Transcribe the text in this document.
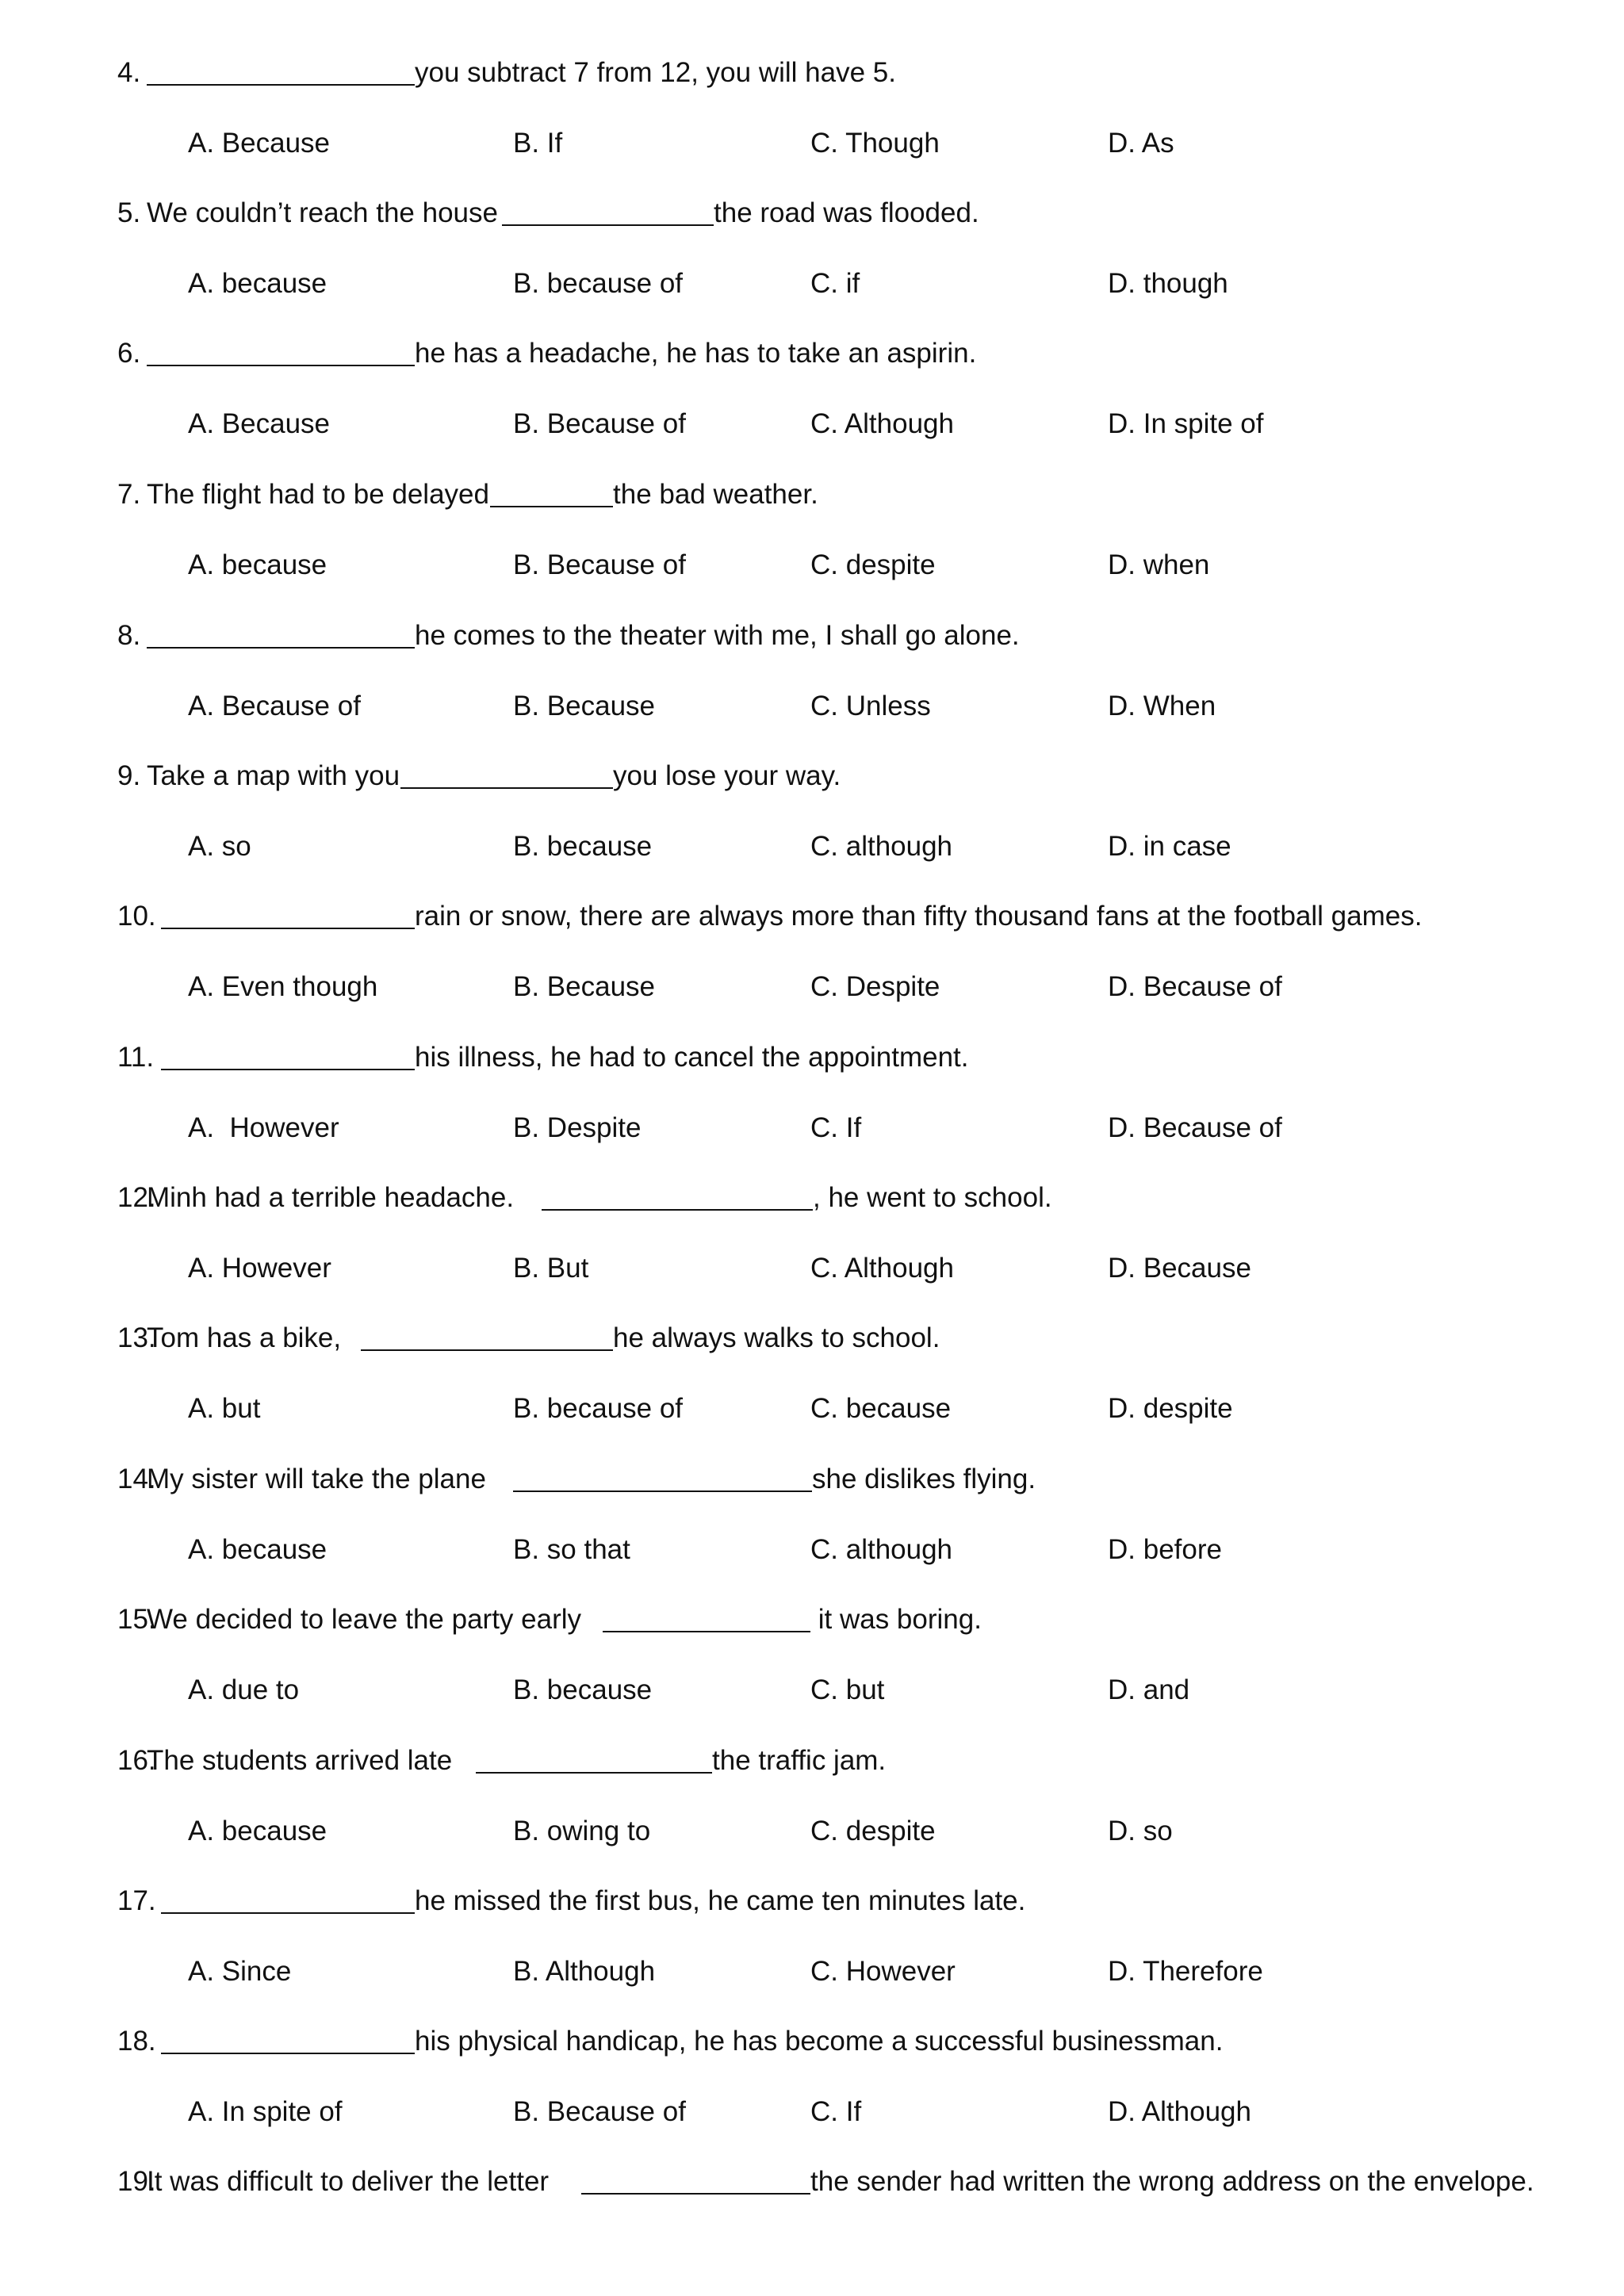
4.	you subtract 7 from 12, you will have 5.
A. Because	B. If	C. Though	D. As
5. We couldn’t reach the house	the road was flooded.
A. because	B. because of	C. if	D. though
6.	he has a headache, he has to take an aspirin.
A. Because	B. Because of	C. Although	D. In spite of
7. The flight had to be delayed	the bad weather.
A. because	B. Because of	C. despite	D. when
8.	he comes to the theater with me, I shall go alone.
A. Because of	B. Because	C. Unless	D. When
9. Take a map with you	you lose your way.
A. so	B. because	C. although	D. in case
10.	rain or snow, there are always more than fifty thousand fans at the football games.
A. Even though	B. Because	C. Despite	D. Because of
11.	his illness, he had to cancel the appointment.
A.  However	B. Despite	C. If	D. Because of
12.
Minh had a terrible headache.	, he went to school.
A. However	B. But	C. Although	D. Because
13.
Tom has a bike,	he always walks to school.
A. but	B. because of	C. because	D. despite
14.
My sister will take the plane	she dislikes flying.
A. because	B. so that	C. although	D. before
15.
We decided to leave the party early	it was boring.
A. due to	B. because	C. but	D. and
16.
The students arrived late	the traffic jam.
A. because	B. owing to	C. despite	D. so
17.	he missed the first bus, he came ten minutes late.
A. Since	B. Although	C. However	D. Therefore
18.	his physical handicap, he has become a successful businessman.
A. In spite of	B. Because of	C. If	D. Although
19.
It was difficult to deliver the letter	the sender had written the wrong address on the envelope.
